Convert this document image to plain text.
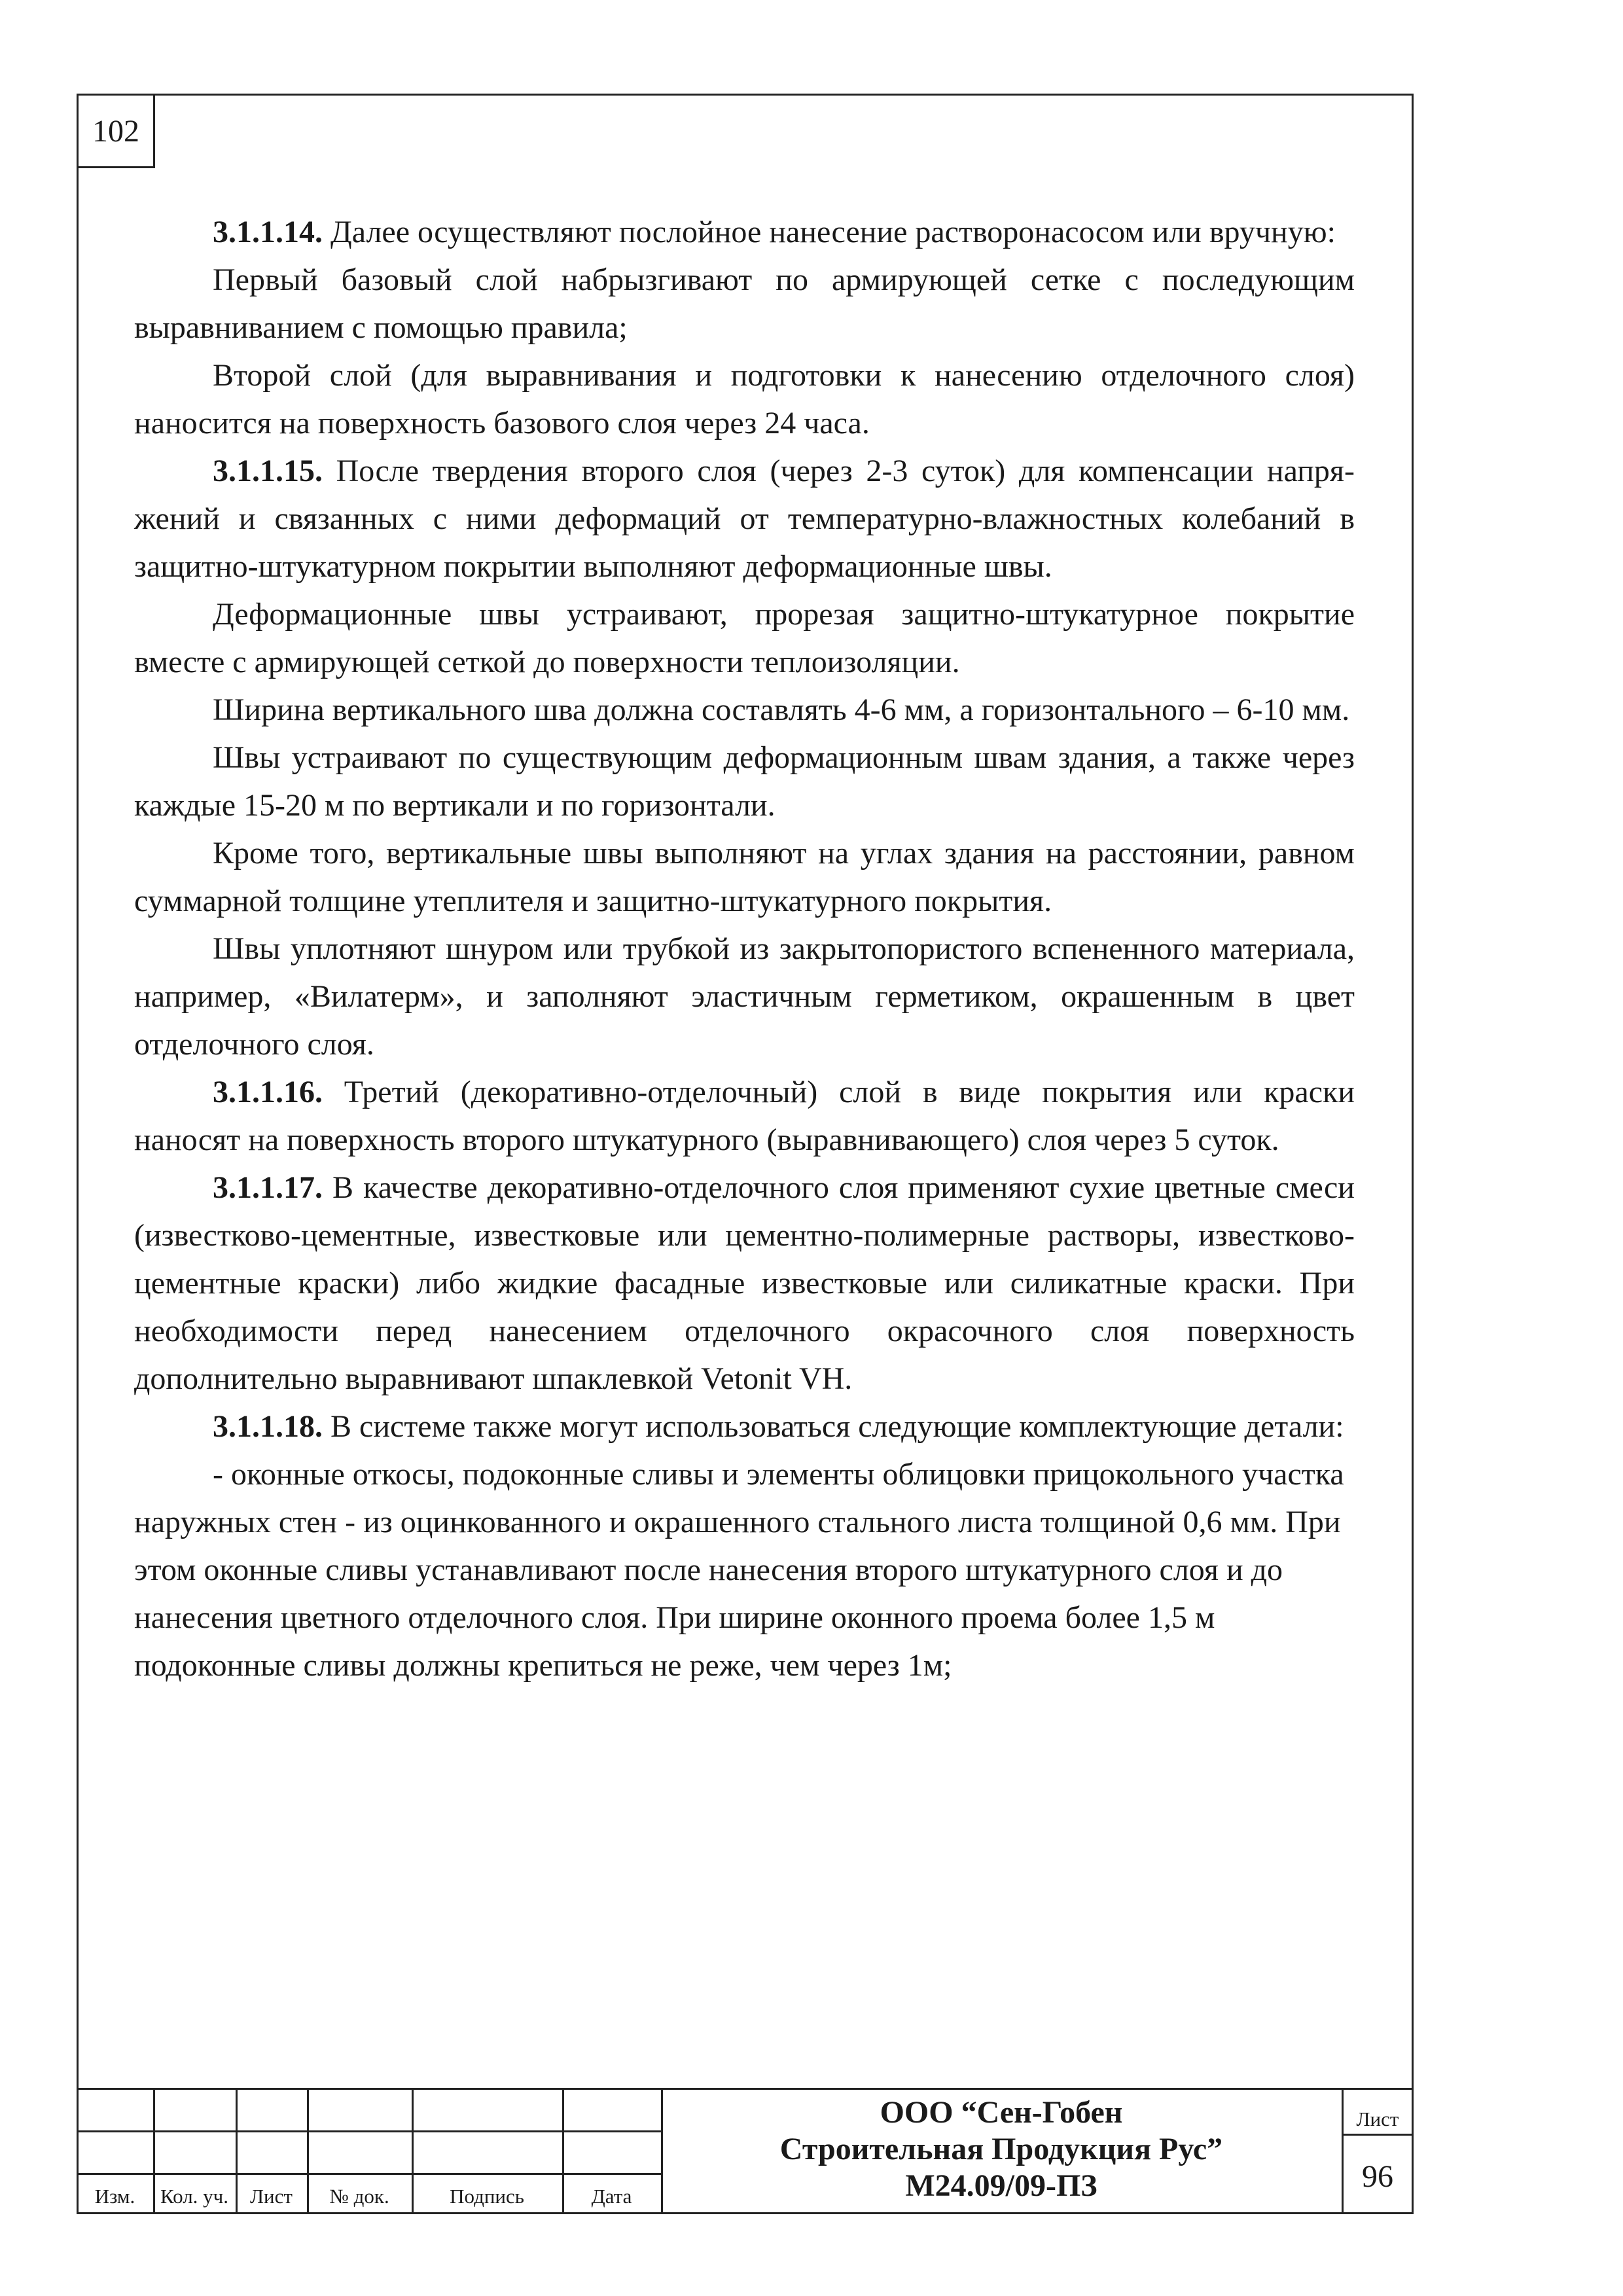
102

3.1.1.14. Далее осуществляют послойное нанесение растворонасосом или вручную:

Первый базовый слой набрызгивают по армирующей сетке с последующим выравниванием с помощью правила;

Второй слой (для выравнивания и подготовки к нанесению отделочного слоя) наносится на поверхность базового слоя через 24 часа.

3.1.1.15. После твердения второго слоя (через 2-3 суток) для компенсации напряжений и связанных с ними деформаций от температурно-влажностных колебаний в защитно-штукатурном покрытии выполняют деформационные швы.

Деформационные швы устраивают, прорезая защитно-штукатурное покрытие вместе с армирующей сеткой до поверхности теплоизоляции.

Ширина вертикального шва должна составлять 4-6 мм, а горизонтального – 6-10 мм.

Швы устраивают по существующим деформационным швам здания, а также через каждые 15-20 м по вертикали и по горизонтали.

Кроме того, вертикальные швы выполняют на углах здания на расстоянии, равном суммарной толщине утеплителя и защитно-штукатурного покрытия.

Швы уплотняют шнуром или трубкой из закрытопористого вспененного материала, например, «Вилатерм», и заполняют эластичным герметиком, окрашенным в цвет отделочного слоя.

3.1.1.16. Третий (декоративно-отделочный) слой в виде покрытия или краски наносят на поверхность второго штукатурного (выравнивающего) слоя через 5 суток.

3.1.1.17. В качестве декоративно-отделочного слоя применяют сухие цветные смеси (известково-цементные, известковые или цементно-полимерные растворы, известково-цементные краски) либо жидкие фасадные известковые или силикатные краски. При необходимости перед нанесением отделочного окрасочного слоя поверхность дополнительно выравнивают шпаклевкой Vetonit VH.

3.1.1.18. В системе также могут использоваться следующие комплектующие детали:

- оконные откосы, подоконные сливы и элементы облицовки прицокольного участка наружных стен - из оцинкованного и окрашенного стального листа толщиной 0,6 мм. При этом оконные сливы устанавливают после нанесения второго штукатурного слоя и до нанесения цветного отделочного слоя. При ширине оконного проема более 1,5 м подоконные сливы должны крепиться не реже, чем через 1м;

Изм.	Кол. уч.	Лист	№ док.	Подпись	Дата
ООО “Сен-Гобен
Строительная Продукция Рус”
М24.09/09-ПЗ
Лист
96
